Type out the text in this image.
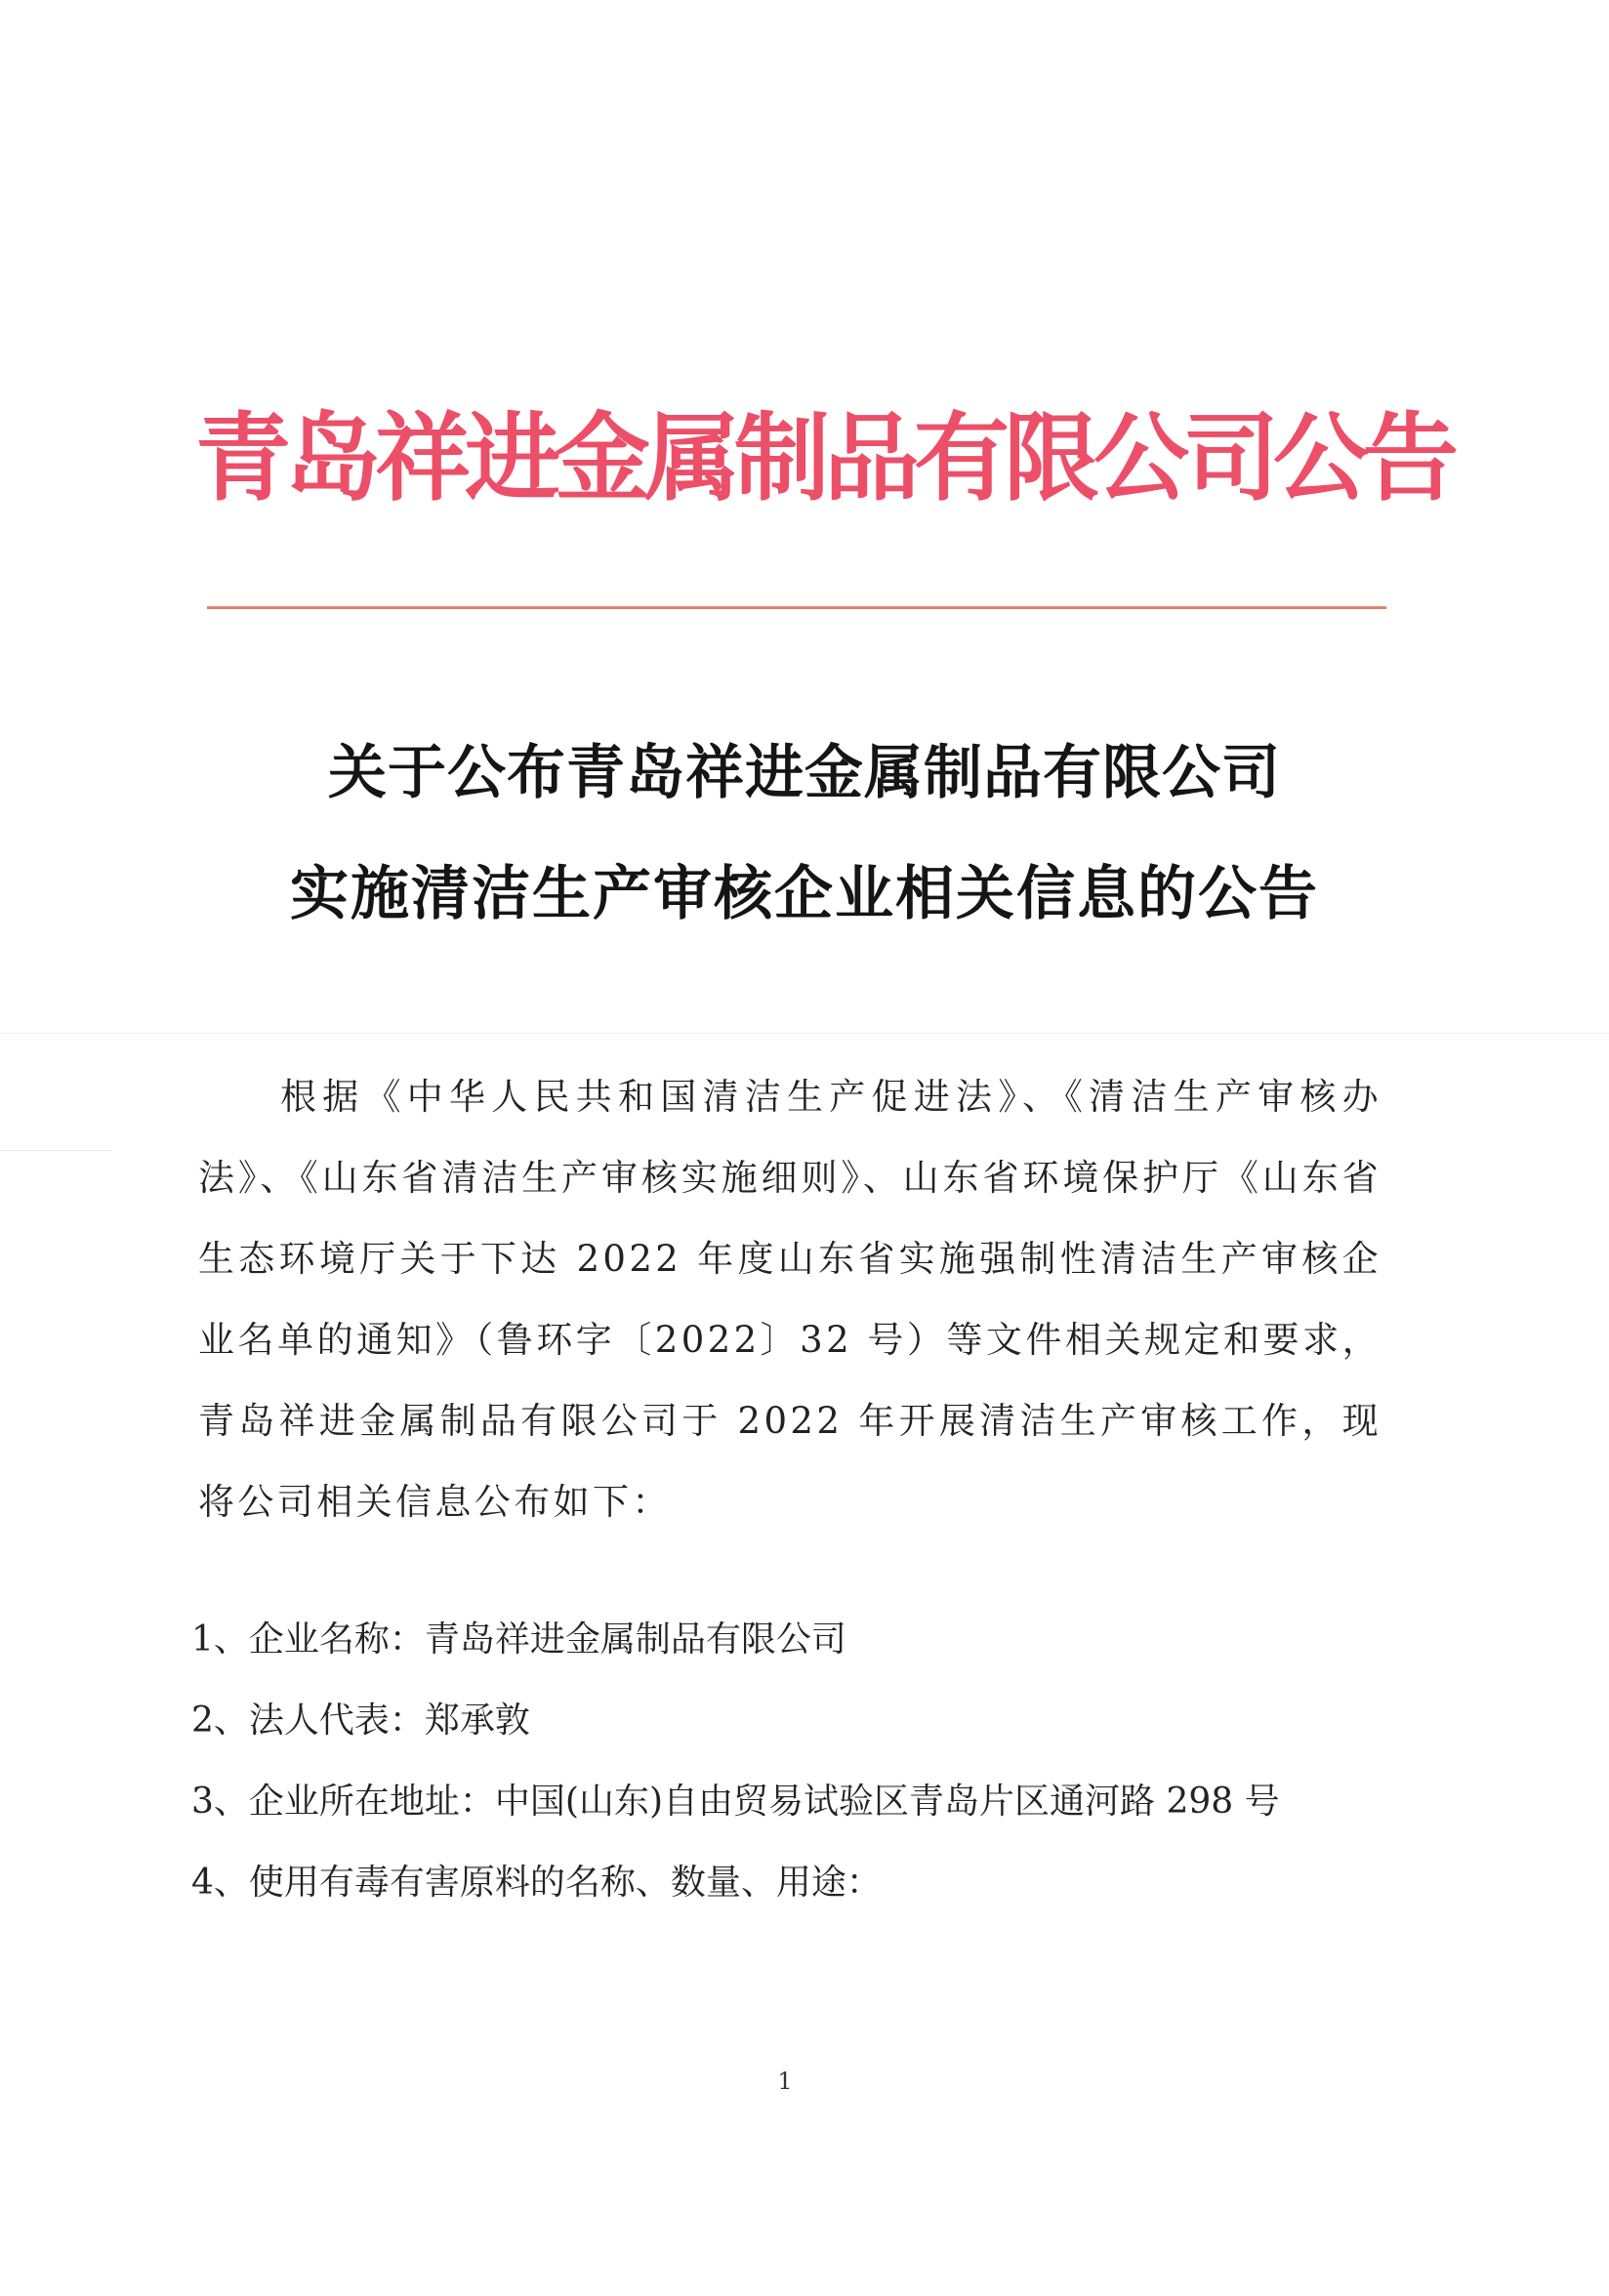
青岛祥进金属制品有限公司公告
关于公布青岛祥进金属制品有限公司
实施清洁生产审核企业相关信息的公告
根据《中华人民共和国清洁生产促进法》、《清洁生产审核办法》、《山东省清洁生产审核实施细则》、山东省环境保护厅《山东省生态环境厅关于下达 2022 年度山东省实施强制性清洁生产审核企业名单的通知》（鲁环字〔2022〕32 号）等文件相关规定和要求，青岛祥进金属制品有限公司于 2022 年开展清洁生产审核工作，现将公司相关信息公布如下：
1、企业名称：青岛祥进金属制品有限公司
2、法人代表：郑承敦
3、企业所在地址：中国(山东)自由贸易试验区青岛片区通河路 298 号
4、使用有毒有害原料的名称、数量、用途：
1
